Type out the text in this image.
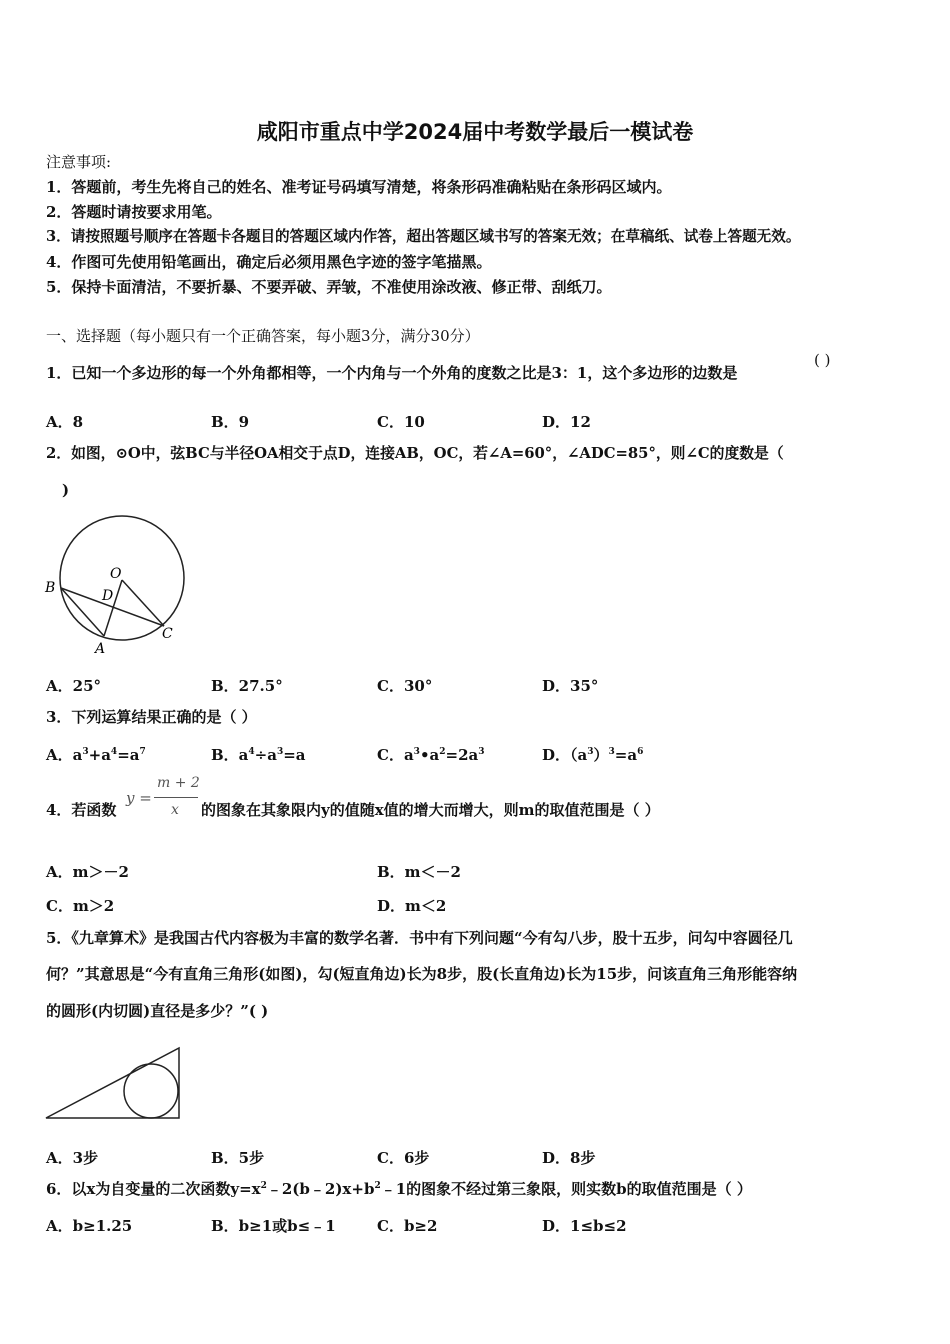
咸阳市重点中学2024届中考数学最后一模试卷
注意事项:
1．答题前，考生先将自己的姓名、准考证号码填写清楚，将条形码准确粘贴在条形码区域内。
2．答题时请按要求用笔。
3．请按照题号顺序在答题卡各题目的答题区域内作答，超出答题区域书写的答案无效；在草稿纸、试卷上答题无效。
4．作图可先使用铅笔画出，确定后必须用黑色字迹的签字笔描黑。
5．保持卡面清洁，不要折暴、不要弄破、弄皱，不准使用涂改液、修正带、刮纸刀。
一、选择题（每小题只有一个正确答案，每小题3分，满分30分）
1．已知一个多边形的每一个外角都相等，一个内角与一个外角的度数之比是3：1，这个多边形的边数是
( )
A．8	B．9	C．10	D．12
2．如图，⊙O中，弦BC与半径OA相交于点D，连接AB，OC，若∠A=60°，∠ADC=85°，则∠C的度数是（
)
O
B	D
C
A
A．25°	B．27.5°	C．30°	D．35°
3．下列运算结果正确的是（ ）
A．$a^3+a^4=a^7$	B．$a^4\div a^3=a$	C．$a^3•a^2=2a^3$	D．$(a^3)^3=a^6$
4．若函数
y =
m + 2
x 的图象在其象限内y的值随x值的增大而增大，则m的取值范围是（ ）
A．m＞－2	B．m＜－2
C．m＞2	D．m＜2
5．《九章算术》是我国古代内容极为丰富的数学名著．书中有下列问题“今有勾八步，股十五步，问勾中容圆径几
何？”其意思是“今有直角三角形(如图)，勾(短直角边)长为8步，股(长直角边)长为15步，问该直角三角形能容纳
的圆形(内切圆)直径是多少？”( )
A．3步	B．5步	C．6步	D．8步
6．以x为自变量的二次函数$y=x^2﹣2(b﹣2)x+b^2﹣1$的图象不经过第三象限，则实数b的取值范围是（ ）
A．b≥1.25	B．b≥1或b≤﹣1	C．b≥2	D．1≤b≤2
